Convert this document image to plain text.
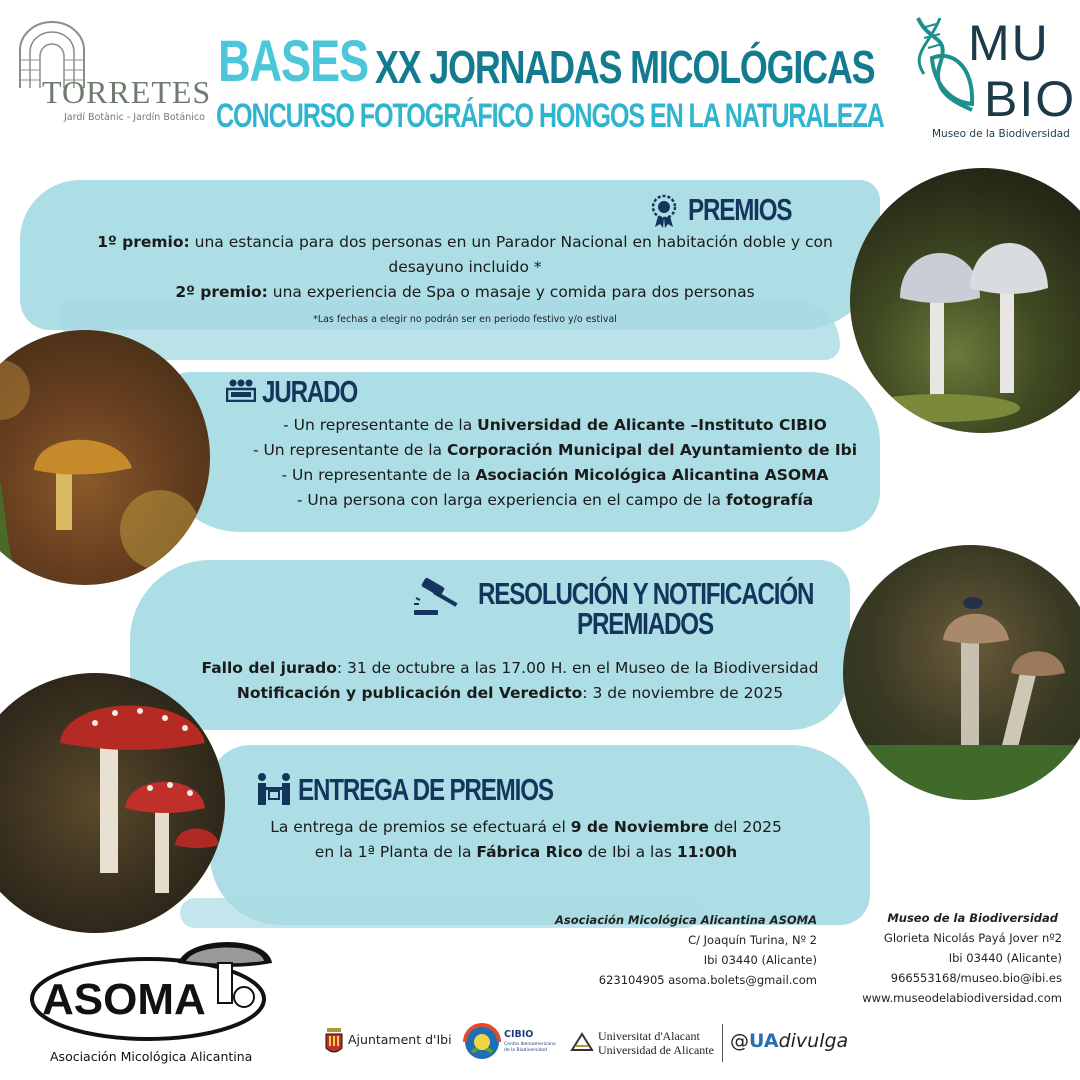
TORRETES
Jardí Botànic - Jardín Botánico
BASES XX JORNADAS MICOLÓGICAS
CONCURSO FOTOGRÁFICO HONGOS EN LA NATURALEZA
MU
BIO
Museo de la Biodiversidad
PREMIOS
1º premio: una estancia para dos personas en un Parador Nacional en habitación doble y con
desayuno incluido *
2º premio: una experiencia de Spa o masaje y comida para dos personas
*Las fechas a elegir no podrán ser en periodo festivo y/o estival
JURADO
- Un representante de la Universidad de Alicante –Instituto CIBIO
- Un representante de la Corporación Municipal del Ayuntamiento de Ibi
- Un representante de la Asociación Micológica Alicantina ASOMA
- Una persona con larga experiencia en el campo de la fotografía
RESOLUCIÓN Y NOTIFICACIÓN
PREMIADOS
Fallo del jurado: 31 de octubre a las 17.00 H. en el Museo de la Biodiversidad
Notificación y publicación del Veredicto: 3 de noviembre de 2025
ENTREGA DE PREMIOS
La entrega de premios se efectuará el 9 de Noviembre del 2025
en la 1ª Planta de la Fábrica Rico de Ibi a las 11:00h
Asociación Micológica Alicantina ASOMA
C/ Joaquín Turina, Nº 2
Ibi 03440 (Alicante)
623104905 asoma.bolets@gmail.com
Museo de la Biodiversidad
Glorieta Nicolás Payá Jover nº2
Ibi 03440 (Alicante)
966553168/museo.bio@ibi.es
www.museodelabiodiversidad.com
ASOMA
Asociación Micológica Alicantina
Ajuntament d'Ibi	CIBIO
Centro Iberoamericano
de la Biodiversidad
Universitat d'Alacant
Universidad de Alicante @UAdivulga
